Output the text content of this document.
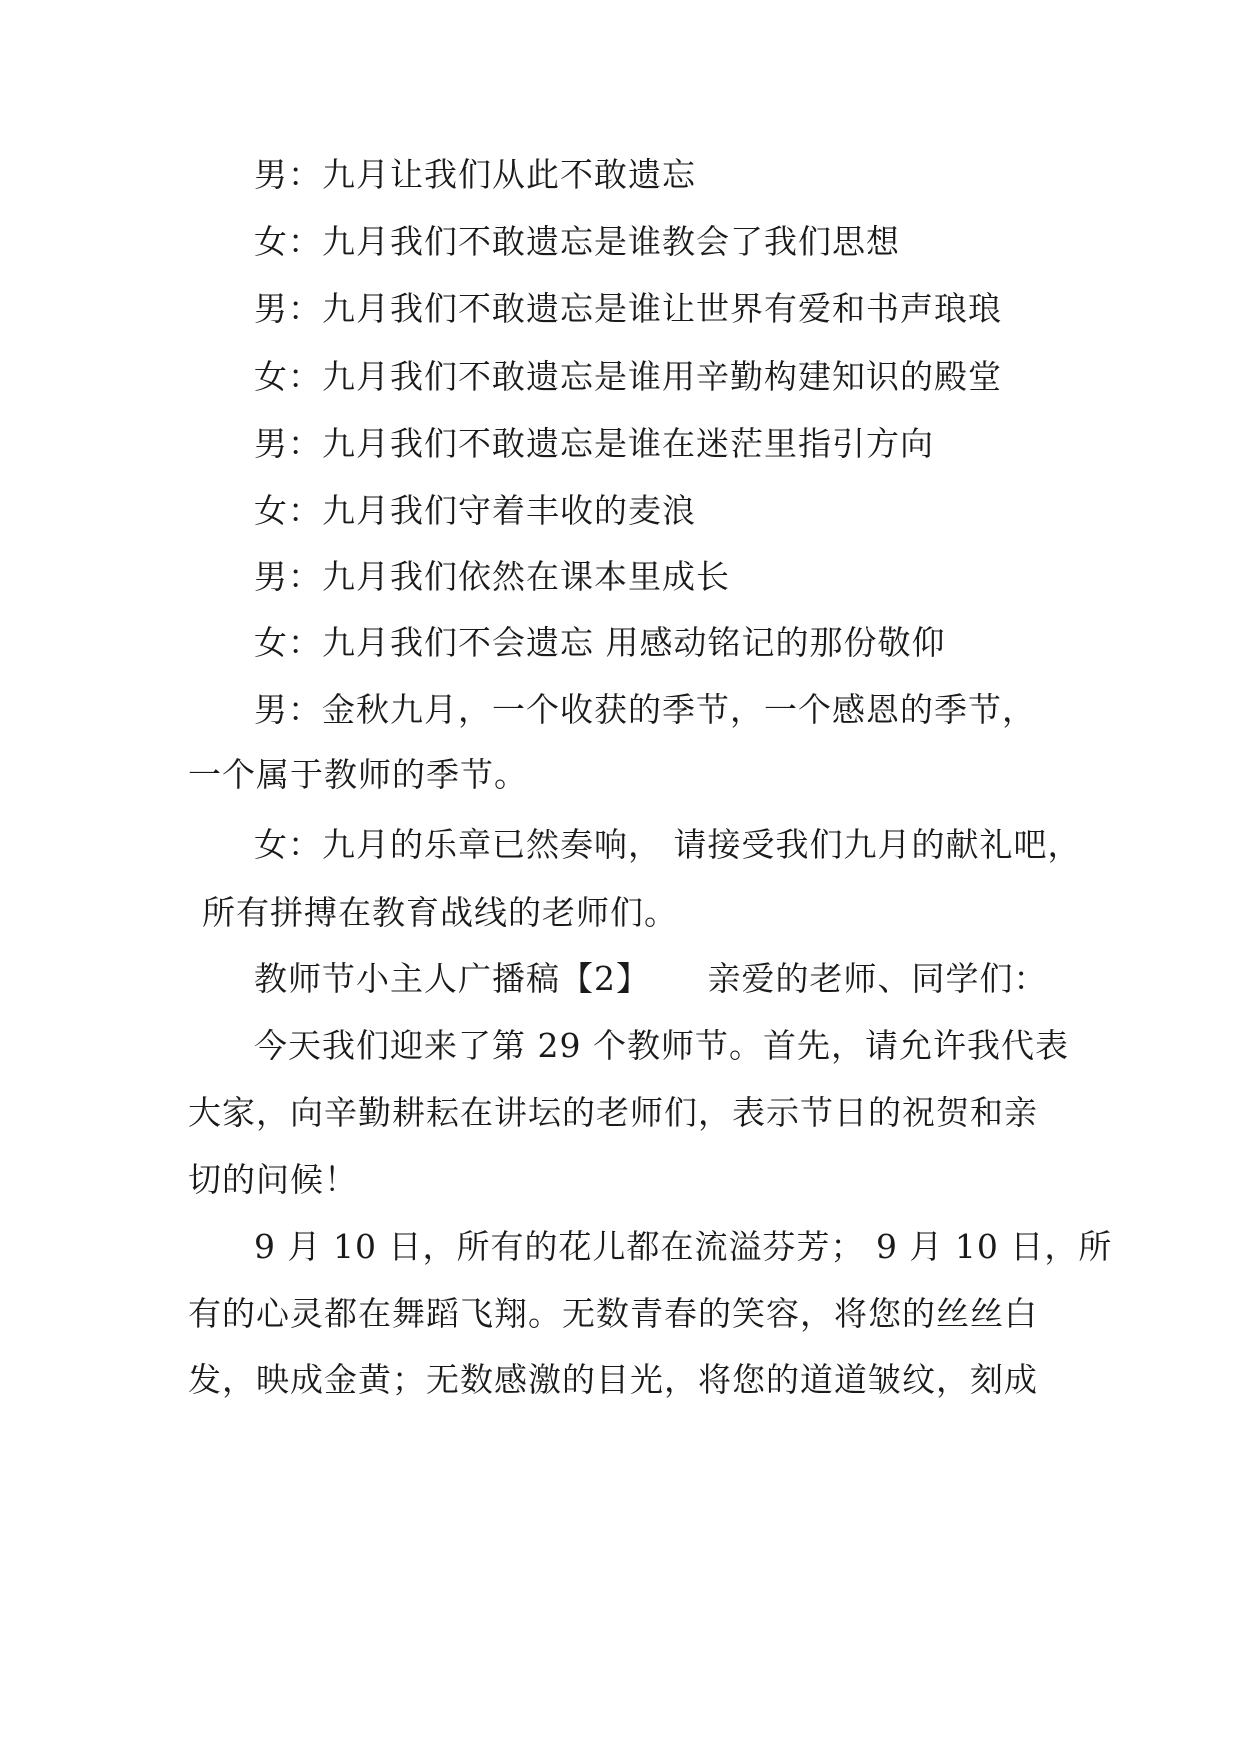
男：九月让我们从此不敢遗忘
女：九月我们不敢遗忘是谁教会了我们思想
男：九月我们不敢遗忘是谁让世界有爱和书声琅琅
女：九月我们不敢遗忘是谁用辛勤构建知识的殿堂
男：九月我们不敢遗忘是谁在迷茫里指引方向
女：九月我们守着丰收的麦浪
男：九月我们依然在课本里成长
女：九月我们不会遗忘 用感动铭记的那份敬仰
男：金秋九月，一个收获的季节，一个感恩的季节，
一个属于教师的季节。
女：九月的乐章已然奏响， 请接受我们九月的献礼吧，
所有拼搏在教育战线的老师们。
教师节小主人广播稿【2】     亲爱的老师、同学们：
今天我们迎来了第 29 个教师节。首先，请允许我代表
大家，向辛勤耕耘在讲坛的老师们，表示节日的祝贺和亲
切的问候！
9 月 10 日，所有的花儿都在流溢芬芳； 9 月 10 日，所
有的心灵都在舞蹈飞翔。无数青春的笑容，将您的丝丝白
发，映成金黄；无数感激的目光，将您的道道皱纹，刻成
